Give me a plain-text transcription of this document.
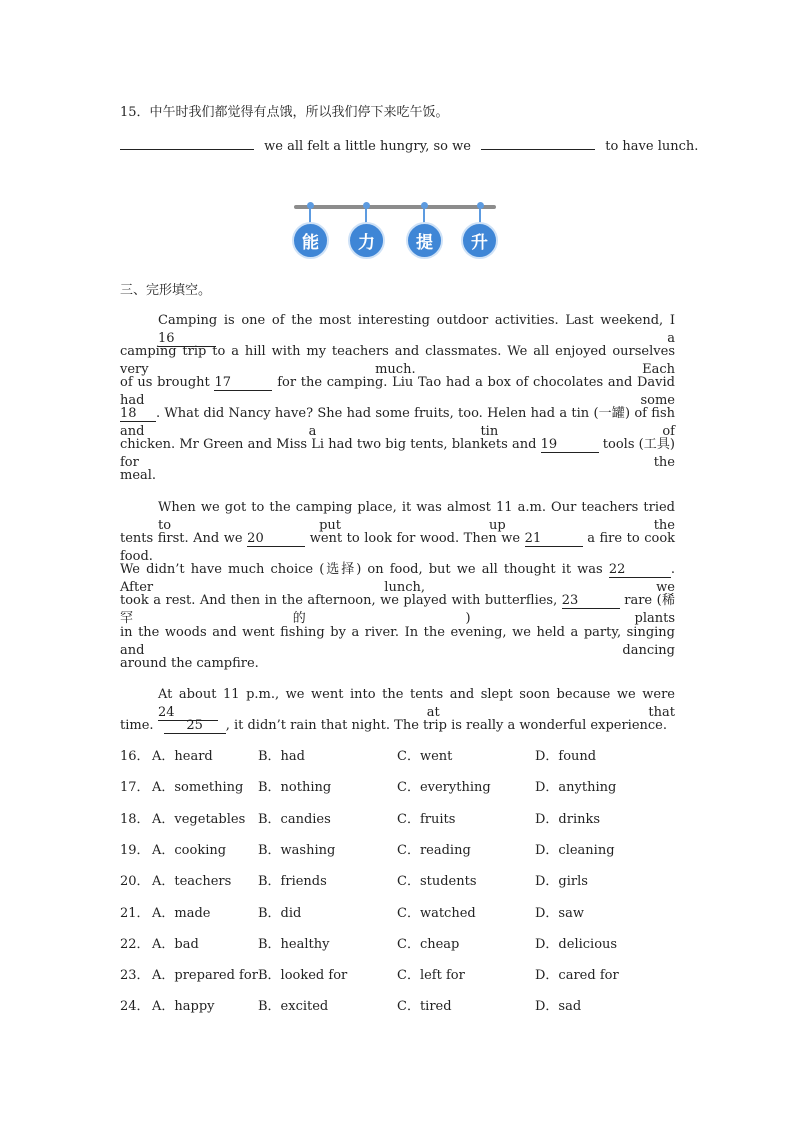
15．中午时我们都觉得有点饿，所以我们停下来吃午饭。
we all felt a little hungry, so we	to have lunch.
能	力	提	升
三、完形填空。
Camping is one of the most interesting outdoor activities. Last weekend, I 16	a
camping trip to a hill with my teachers and classmates. We all enjoyed ourselves very much. Each
of us brought 17	for the camping. Liu Tao had a box of chocolates and David had some
18 . What did Nancy have? She had some fruits, too. Helen had a tin (一罐) of fish and a tin of
chicken. Mr Green and Miss Li had two big tents, blankets and 19	tools (工具) for the
meal.
When we got to the camping place, it was almost 11 a.m. Our teachers tried to put up the
tents first. And we 20	went to look for wood. Then we 21	a fire to cook food.
We didn’t have much choice (选择) on food, but we all thought it was 22	. After lunch, we
took a rest. And then in the afternoon, we played with butterflies, 23	rare (稀罕的) plants
in the woods and went fishing by a river. In the evening, we held a party, singing and dancing
around the campfire.
At about 11 p.m., we went into the tents and slept soon because we were 24	at that
time.	25 , it didn’t rain that night. The trip is really a wonderful experience.
16． A．heard	B．had	C．went	D．found
17． A．something B．nothing	C．everything	D．anything
18． A．vegetables B．candies	C．fruits	D．drinks
19． A．cooking B．washing	C．reading	D．cleaning
20． A．teachers B．friends	C．students	D．girls
21． A．made	B．did	C．watched	D．saw
22． A．bad	B．healthy	C．cheap	D．delicious
23． A．prepared for B．looked for	C．left for	D．cared for
24． A．happy	B．excited	C．tired	D．sad
